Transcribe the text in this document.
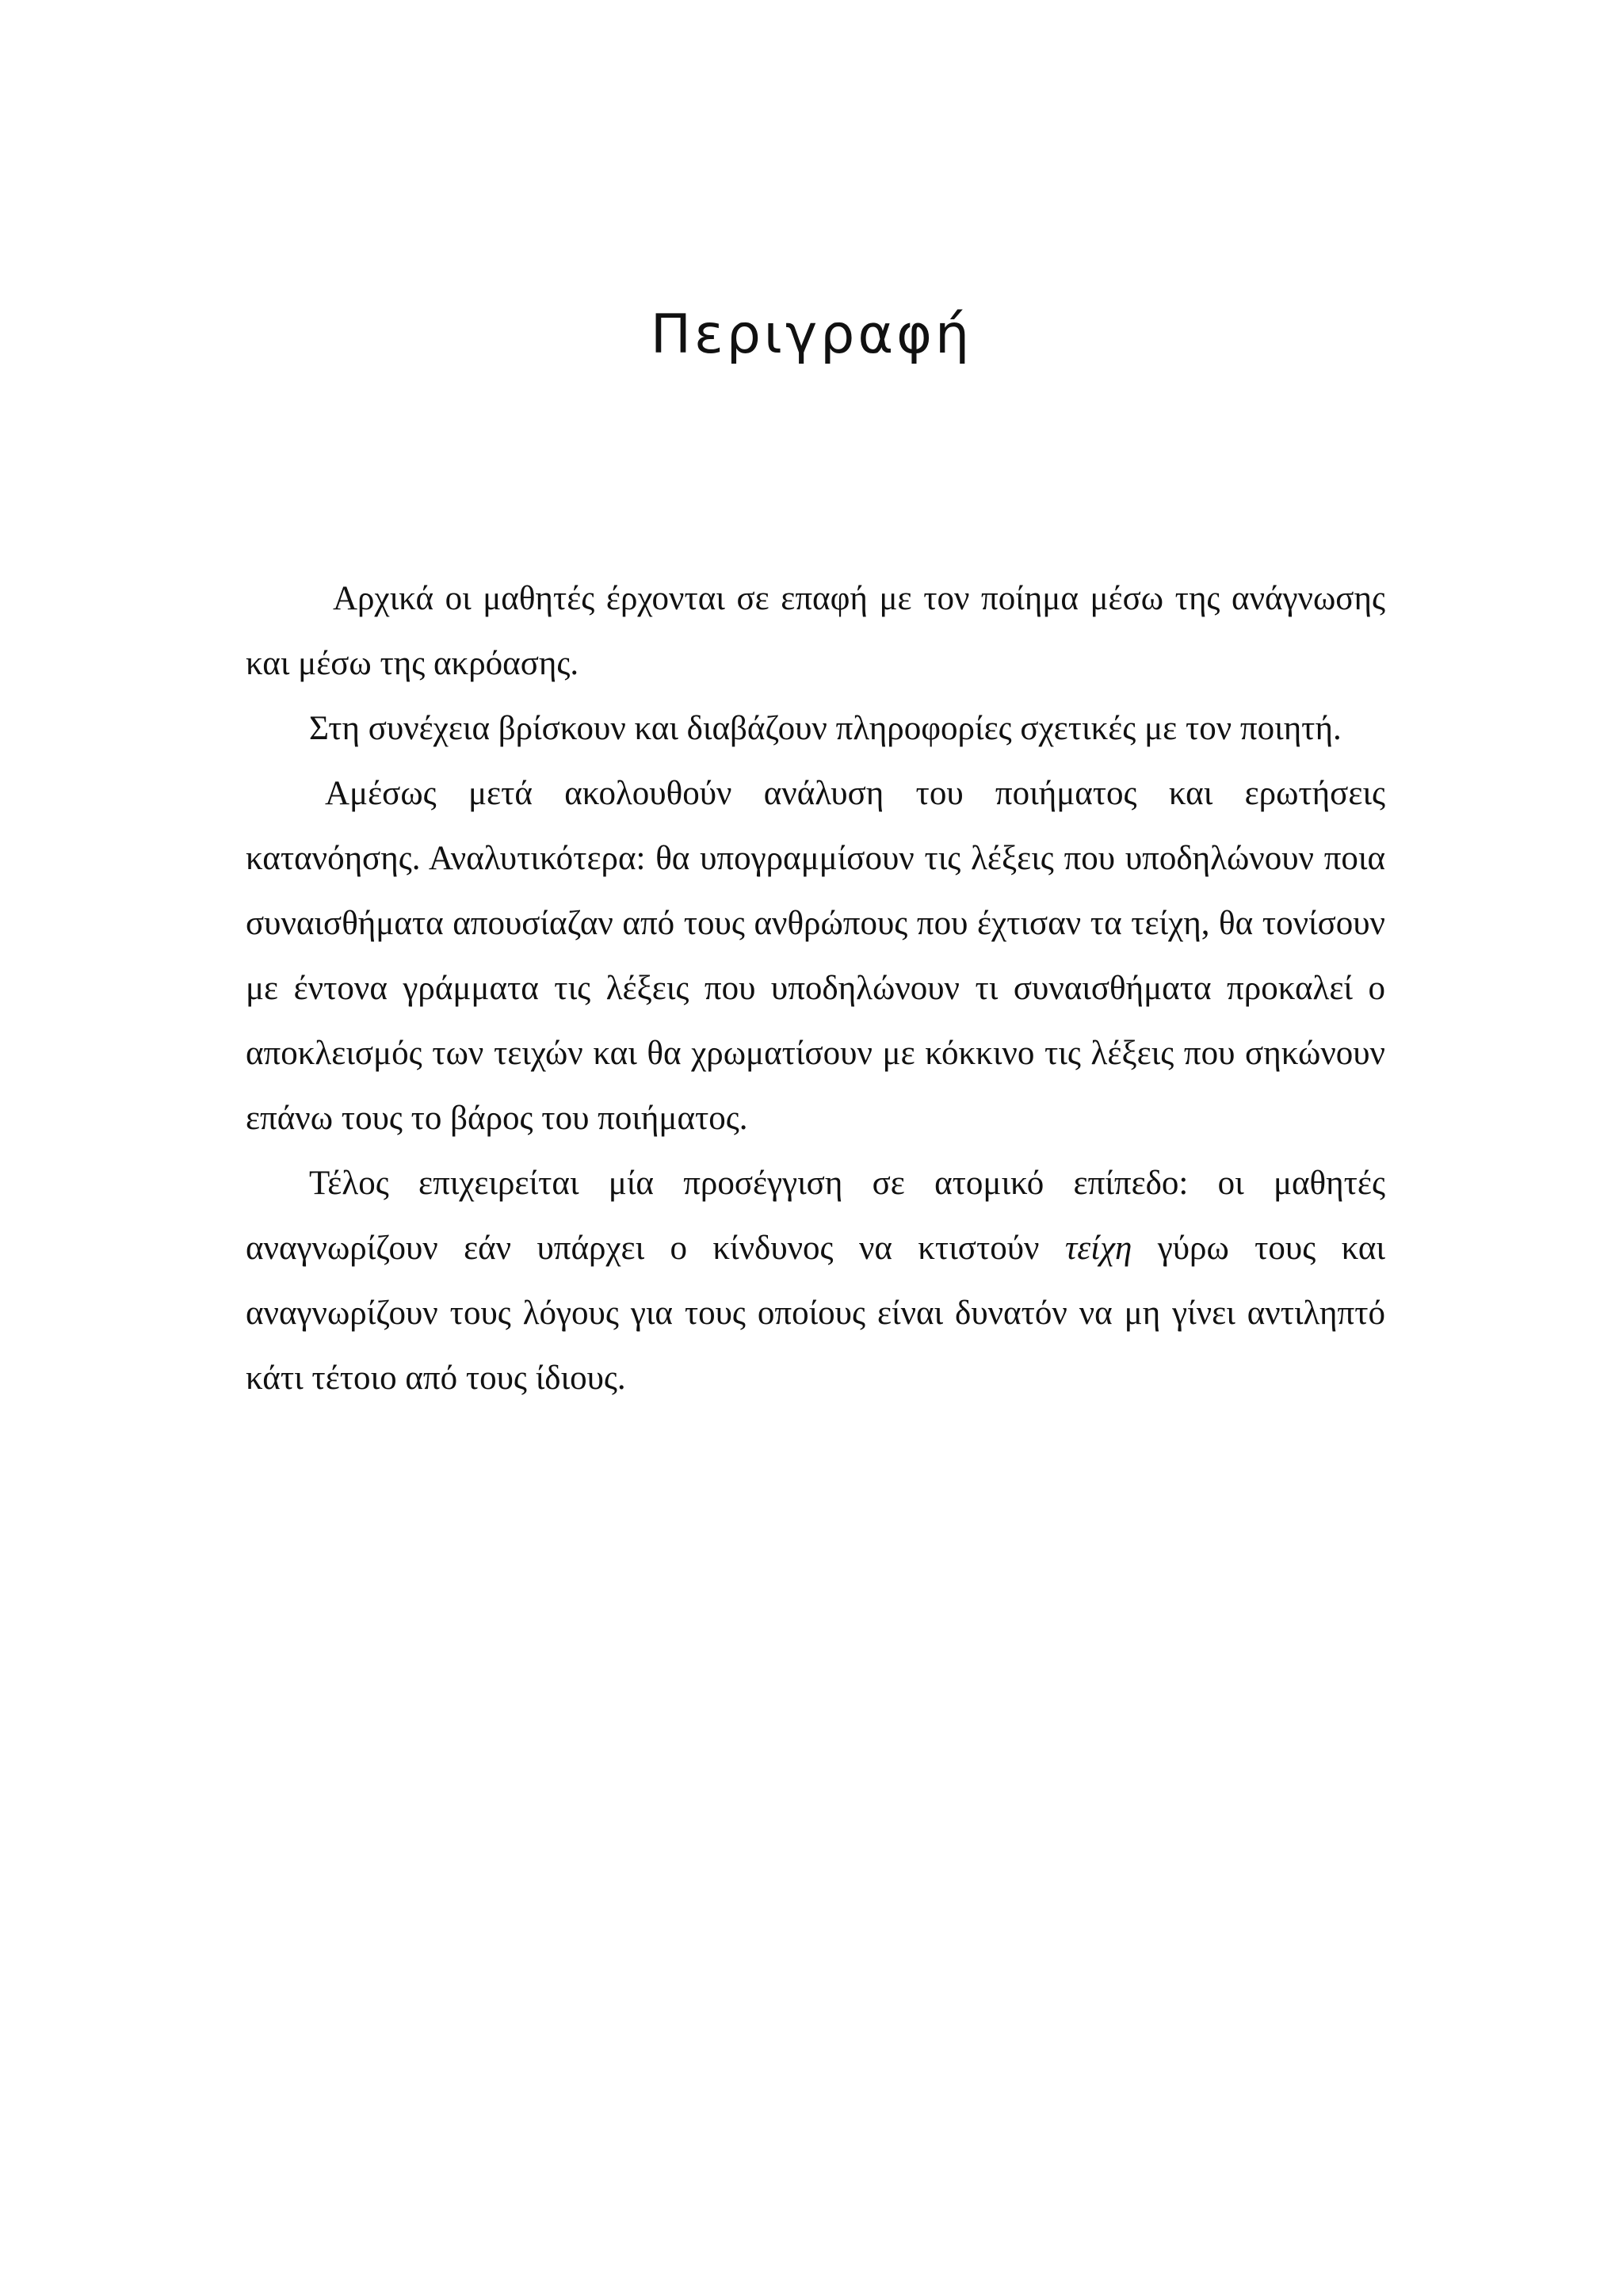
Περιγραφή

Αρχικά οι μαθητές έρχονται σε επαφή με τον ποίημα μέσω της ανάγνωσης και μέσω της ακρόασης.

Στη συνέχεια βρίσκουν και διαβάζουν πληροφορίες σχετικές με τον ποιητή.

Αμέσως μετά ακολουθούν ανάλυση του ποιήματος και ερωτήσεις κατανόησης. Αναλυτικότερα: θα υπογραμμίσουν τις λέξεις που υποδηλώνουν ποια συναισθήματα απουσίαζαν από τους ανθρώπους που έχτισαν τα τείχη, θα τονίσουν με έντονα γράμματα τις λέξεις που υποδηλώνουν τι συναισθήματα προκαλεί ο αποκλεισμός των τειχών και θα χρωματίσουν με κόκκινο τις λέξεις που σηκώνουν επάνω τους το βάρος του ποιήματος.

Τέλος επιχειρείται μία προσέγγιση σε ατομικό επίπεδο: οι μαθητές αναγνωρίζουν εάν υπάρχει ο κίνδυνος να κτιστούν τείχη γύρω τους και αναγνωρίζουν τους λόγους για τους οποίους είναι δυνατόν να μη γίνει αντιληπτό κάτι τέτοιο από τους ίδιους.
